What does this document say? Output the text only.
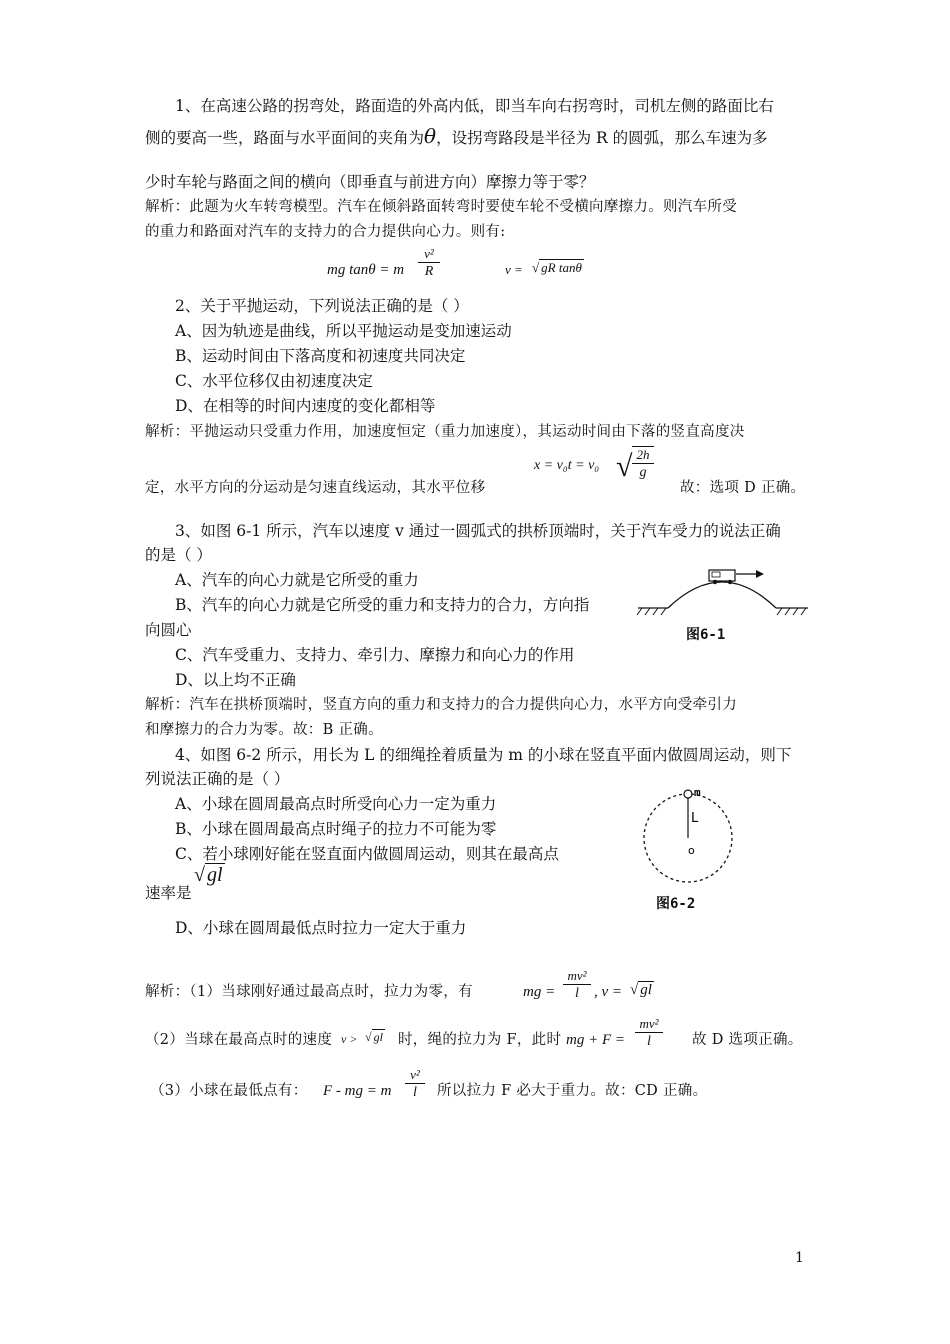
1、在高速公路的拐弯处，路面造的外高内低，即当车向右拐弯时，司机左侧的路面比右
侧的要高一些，路面与水平面间的夹角为θ，设拐弯路段是半径为 R 的圆弧，那么车速为多
少时车轮与路面之间的横向（即垂直与前进方向）摩擦力等于零？
解析：此题为火车转弯模型。汽车在倾斜路面转弯时要使车轮不受横向摩擦力。则汽车所受
的重力和路面对汽车的支持力的合力提供向心力。则有:
mg tanθ = m
v²
R	v = √ gR tanθ
2、关于平抛运动，下列说法正确的是（ ）
A、因为轨迹是曲线，所以平抛运动是变加速运动
B、运动时间由下落高度和初速度共同决定
C、水平位移仅由初速度决定
D、在相等的时间内速度的变化都相等
解析：平抛运动只受重力作用，加速度恒定（重力加速度），其运动时间由下落的竖直高度决
定，水平方向的分运动是匀速直线运动，其水平位移
x = v₀t = v₀ √ 2h
g
故：选项 D 正确。
3、如图 6-1 所示，汽车以速度 v 通过一圆弧式的拱桥顶端时，关于汽车受力的说法正确
的是（ ）
A、汽车的向心力就是它所受的重力
B、汽车的向心力就是它所受的重力和支持力的合力，方向指
向圆心
C、汽车受重力、支持力、牵引力、摩擦力和向心力的作用
D、以上均不正确
解析：汽车在拱桥顶端时，竖直方向的重力和支持力的合力提供向心力，水平方向受牵引力
和摩擦力的合力为零。故：B 正确。
图6-1
4、如图 6-2 所示，用长为 L 的细绳拴着质量为 m 的小球在竖直平面内做圆周运动，则下
列说法正确的是（ ）
A、小球在圆周最高点时所受向心力一定为重力
B、小球在圆周最高点时绳子的拉力不可能为零
C、若小球刚好能在竖直面内做圆周运动，则其在最高点
速率是
√ gl
D、小球在圆周最低点时拉力一定大于重力
m
L
o
图6-2
解析：（1）当球刚好通过最高点时，拉力为零，有	mg =
mv²
l	, v = √ gl
（2）当球在最高点时的速度 v > √ gl 时，绳的拉力为 F，此时 mg + F =
mv²
l	故 D 选项正确。
（3）小球在最低点有：	F - mg = m
v²
l	所以拉力 F 必大于重力。故：CD 正确。
1
